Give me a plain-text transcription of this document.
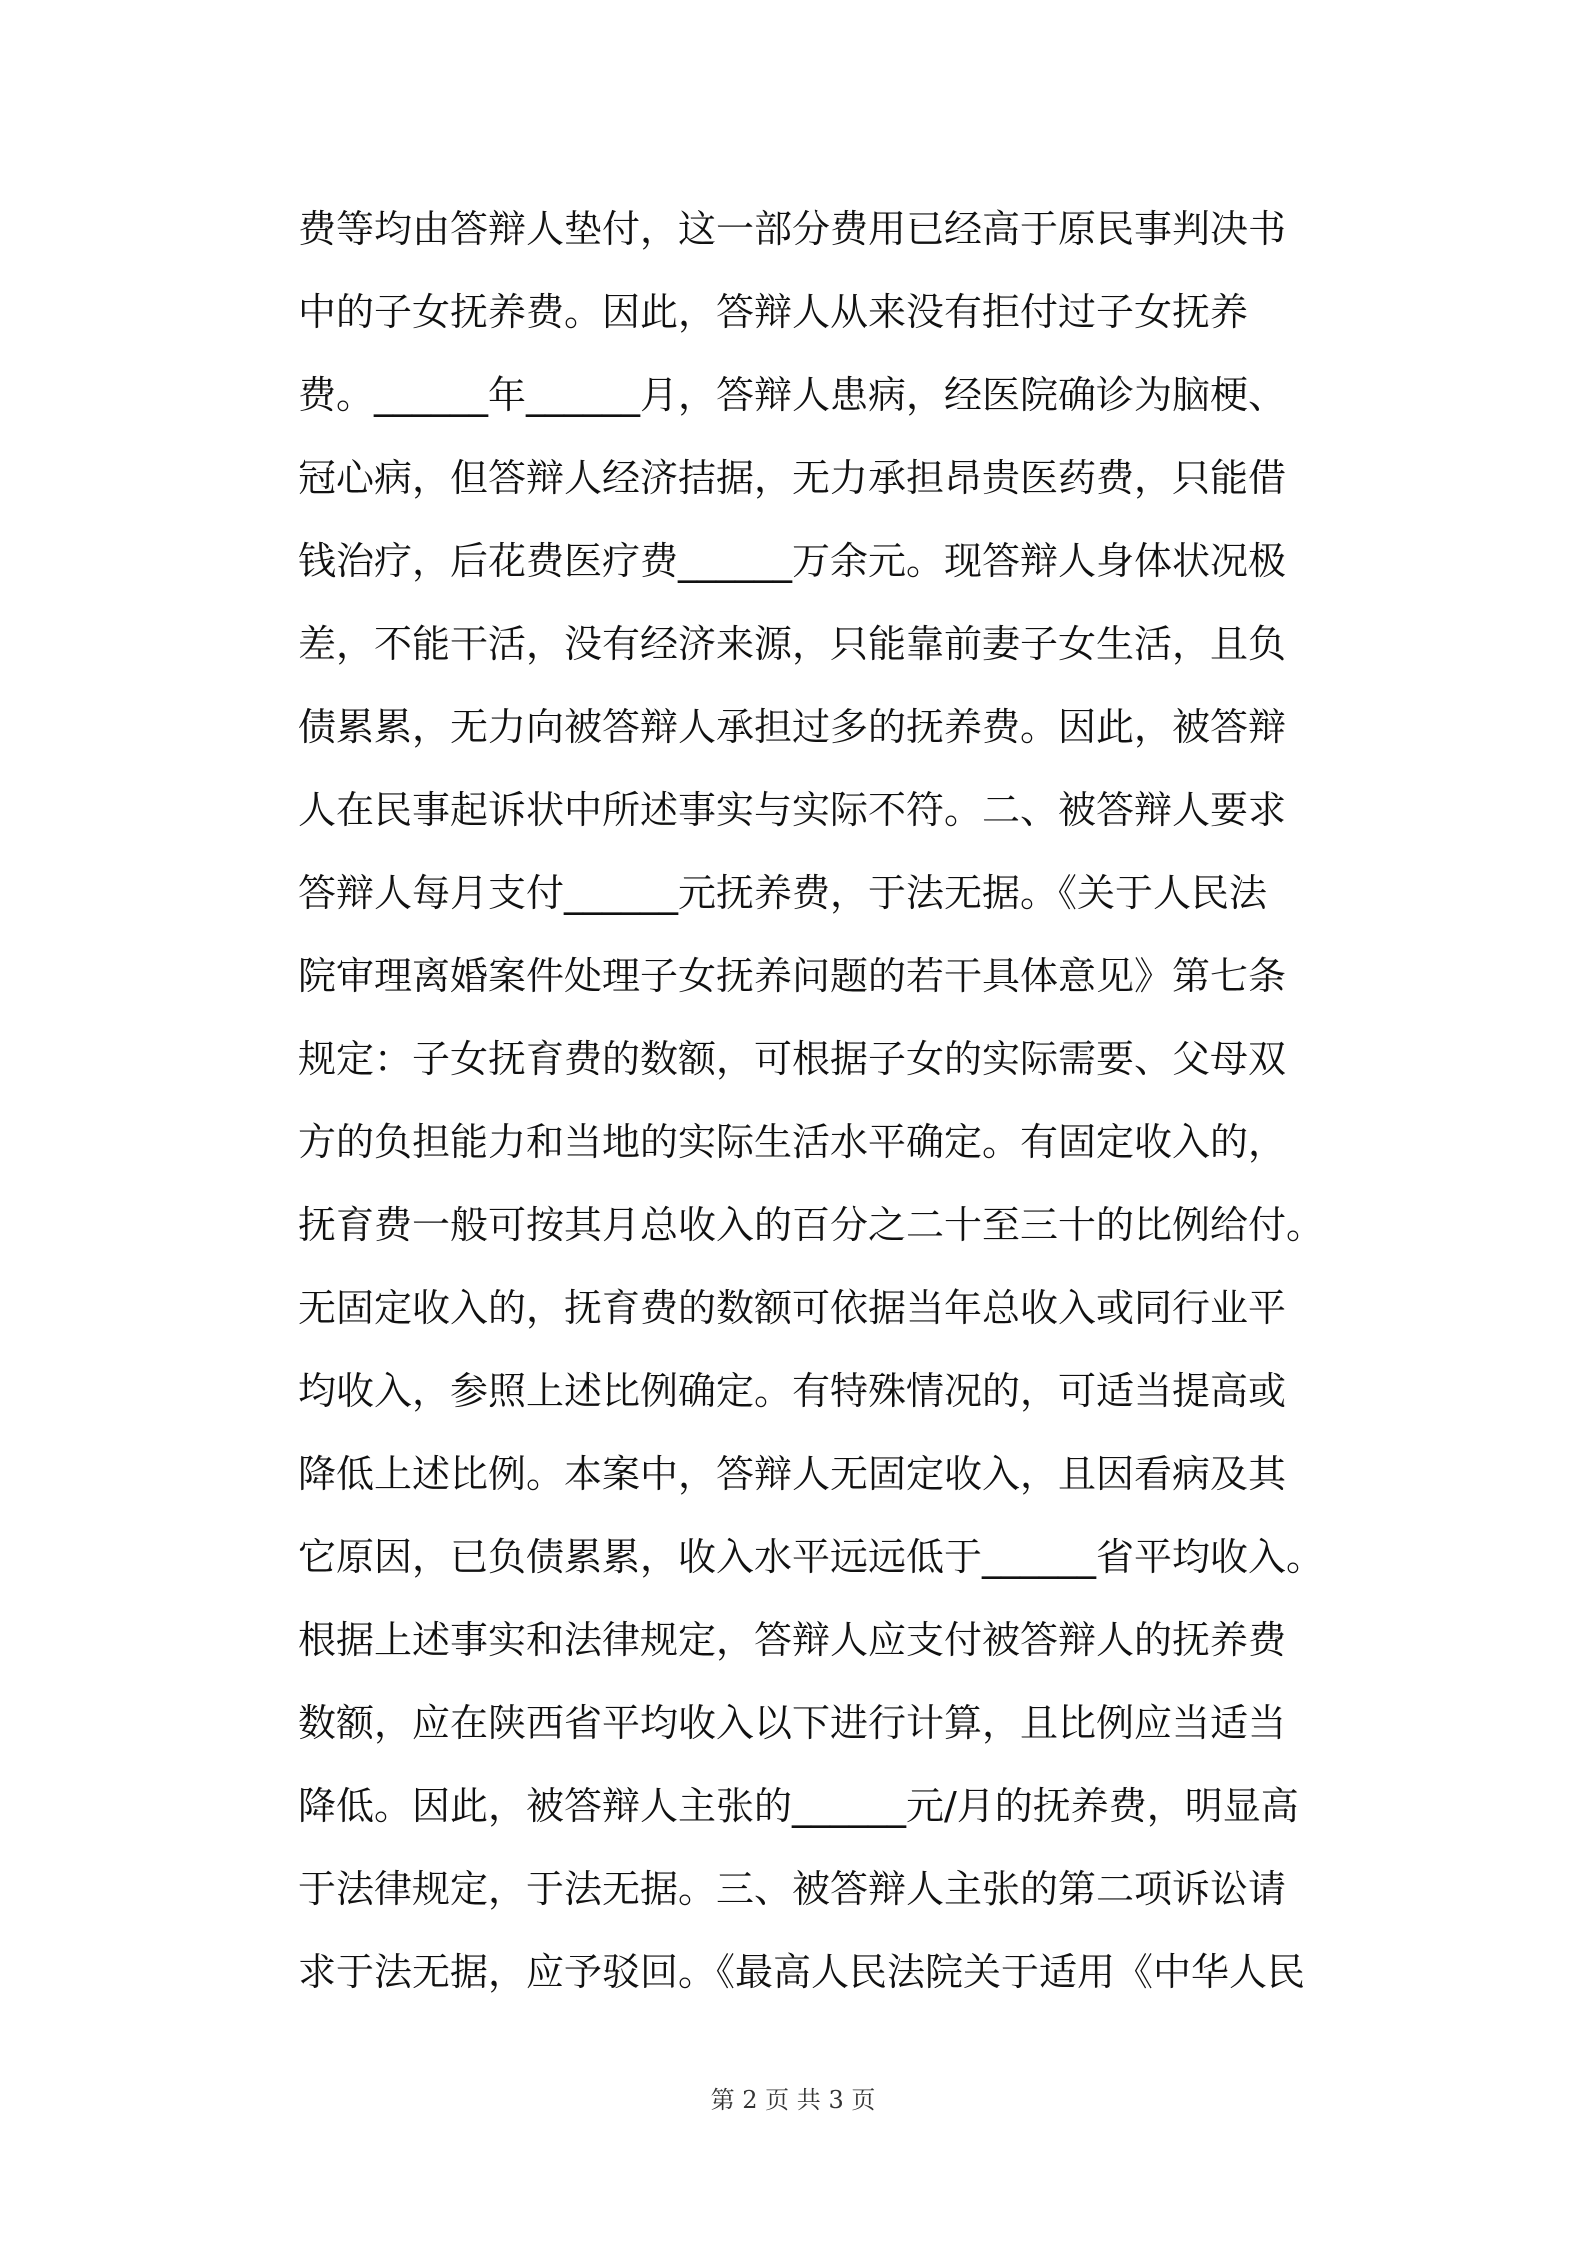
费等均由答辩人垫付，这一部分费用已经高于原民事判决书
中的子女抚养费。因此，答辩人从来没有拒付过子女抚养
费。______年______月，答辩人患病，经医院确诊为脑梗、
冠心病，但答辩人经济拮据，无力承担昂贵医药费，只能借
钱治疗，后花费医疗费______万余元。现答辩人身体状况极
差，不能干活，没有经济来源，只能靠前妻子女生活，且负
债累累，无力向被答辩人承担过多的抚养费。因此，被答辩
人在民事起诉状中所述事实与实际不符。二、被答辩人要求
答辩人每月支付______元抚养费，于法无据。《关于人民法
院审理离婚案件处理子女抚养问题的若干具体意见》第七条
规定：子女抚育费的数额，可根据子女的实际需要、父母双
方的负担能力和当地的实际生活水平确定。有固定收入的，
抚育费一般可按其月总收入的百分之二十至三十的比例给付。
无固定收入的，抚育费的数额可依据当年总收入或同行业平
均收入，参照上述比例确定。有特殊情况的，可适当提高或
降低上述比例。本案中，答辩人无固定收入，且因看病及其
它原因，已负债累累，收入水平远远低于______省平均收入。
根据上述事实和法律规定，答辩人应支付被答辩人的抚养费
数额，应在陕西省平均收入以下进行计算，且比例应当适当
降低。因此，被答辩人主张的______元/月的抚养费，明显高
于法律规定，于法无据。三、被答辩人主张的第二项诉讼请
求于法无据，应予驳回。《最高人民法院关于适用《中华人民
第 2 页 共 3 页
